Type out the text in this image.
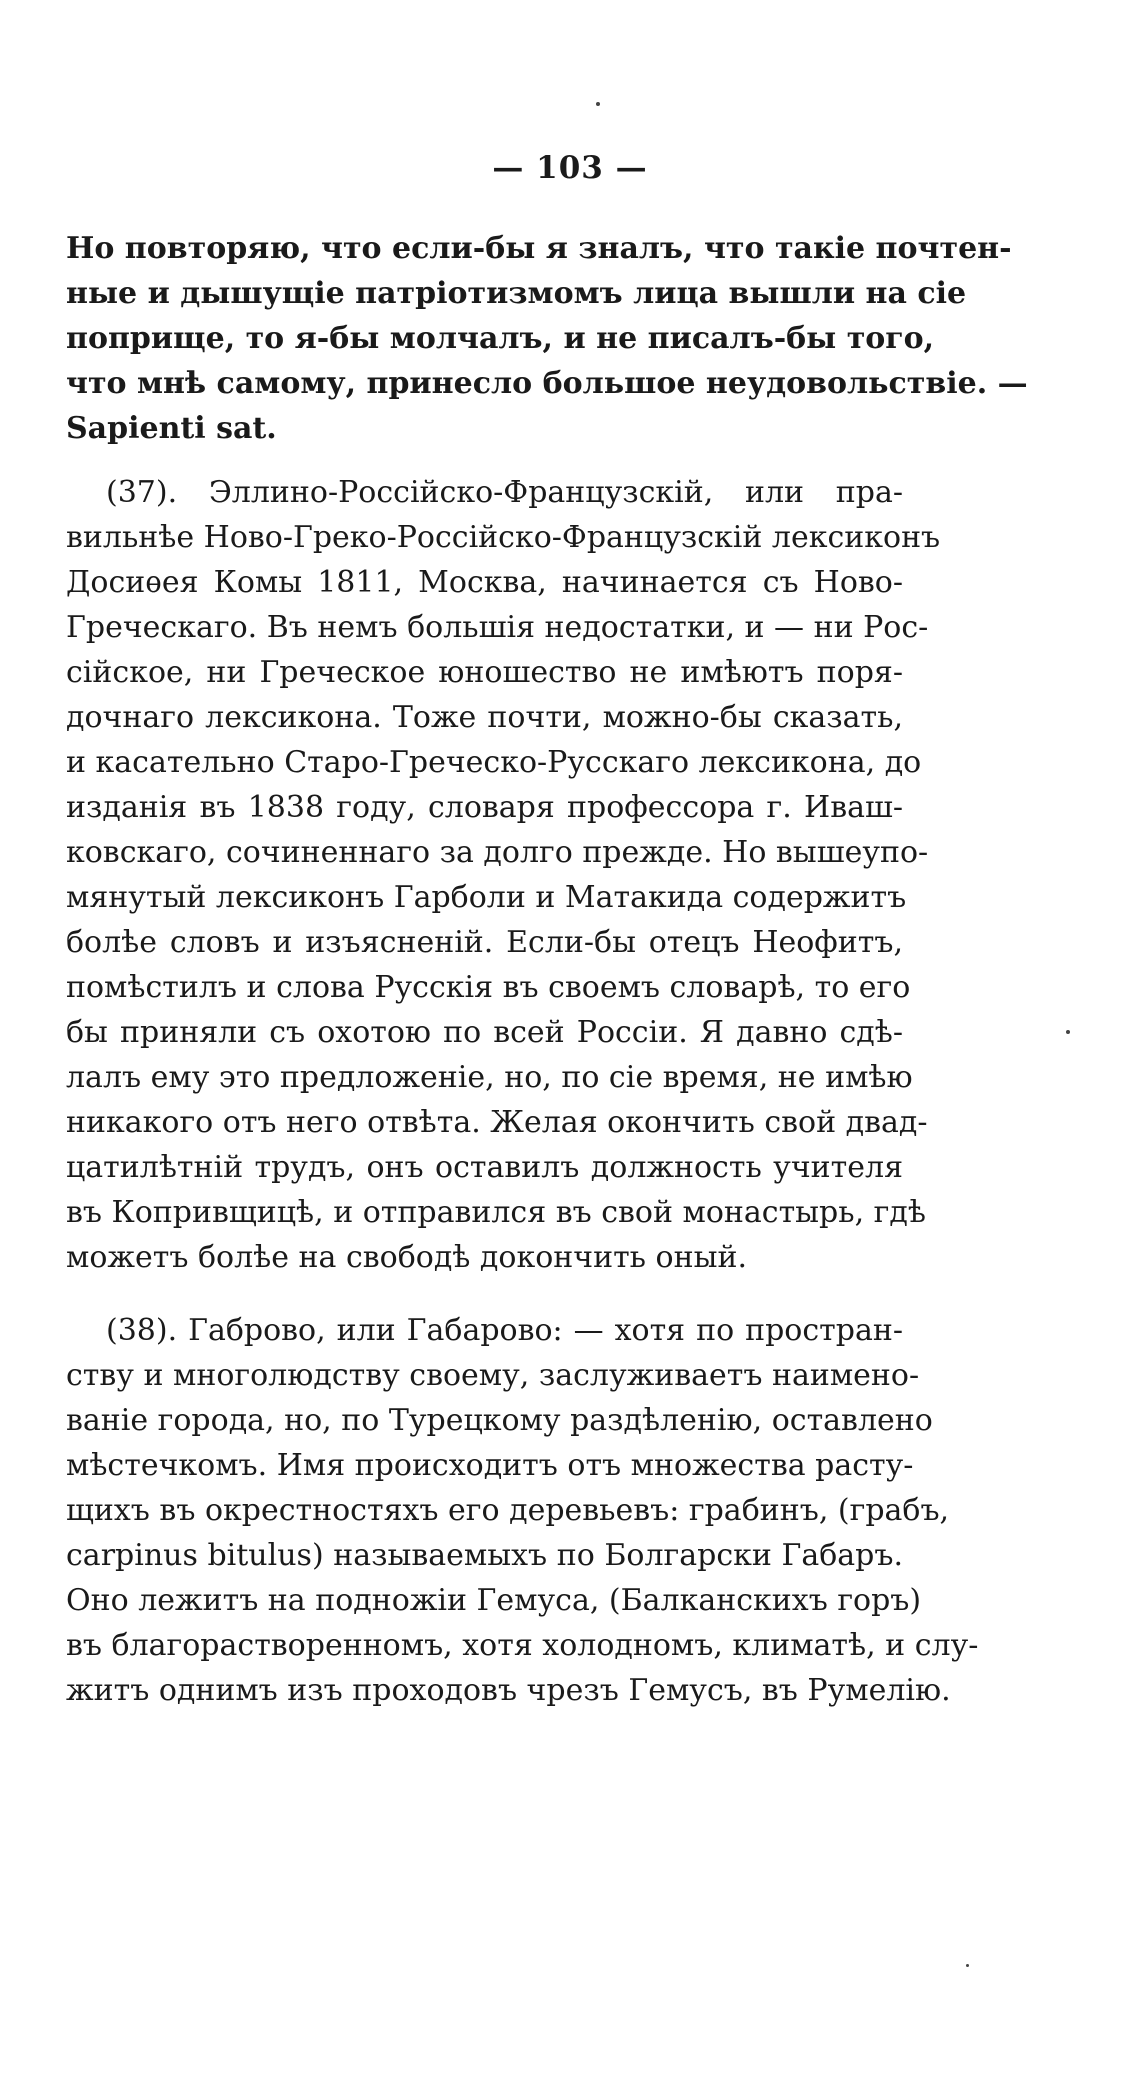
— 103 —
Но повторяю, что если-бы я зналъ, что такіе почтен-
ные и дышущіе патріотизмомъ лица вышли на сіе
поприще, то я-бы молчалъ, и не писалъ-бы того,
что мнѣ самому, принесло большое неудовольствіе. —
Sapienti sat.
(37). Эллино-Россійско-Французскій, или пра-
вильнѣе Ново-Греко-Россійско-Французскій лексиконъ
Досиѳея Комы 1811, Москва, начинается съ Ново-
Греческаго. Въ немъ большія недостатки, и — ни Рос-
сійское, ни Греческое юношество не имѣютъ поря-
дочнаго лексикона. Тоже почти, можно-бы сказать,
и касательно Старо-Греческо-Русскаго лексикона, до
изданія въ 1838 году, словаря профессора г. Иваш-
ковскаго, сочиненнаго за долго прежде. Но вышеупо-
мянутый лексиконъ Гарболи и Матакида содержитъ
болѣе словъ и изъясненій. Если-бы отецъ Неофитъ,
помѣстилъ и слова Русскія въ своемъ словарѣ, то его
бы приняли съ охотою по всей Россіи. Я давно сдѣ-
лалъ ему это предложеніе, но, по сіе время, не имѣю
никакого отъ него отвѣта. Желая окончить свой двад-
цатилѣтній трудъ, онъ оставилъ должность учителя
въ Копривщицѣ, и отправился въ свой монастырь, гдѣ
можетъ болѣе на свободѣ докончить оный.
(38). Габрово, или Габарово: — хотя по простран-
ству и многолюдству своему, заслуживаетъ наимено-
ваніе города, но, по Турецкому раздѣленію, оставлено
мѣстечкомъ. Имя происходитъ отъ множества расту-
щихъ въ окрестностяхъ его деревьевъ: грабинъ, (грабъ,
carpinus bitulus) называемыхъ по Болгарски Габаръ.
Оно лежитъ на подножіи Гемуса, (Балканскихъ горъ)
въ благорастворенномъ, хотя холодномъ, климатѣ, и слу-
житъ однимъ изъ проходовъ чрезъ Гемусъ, въ Румелію.
